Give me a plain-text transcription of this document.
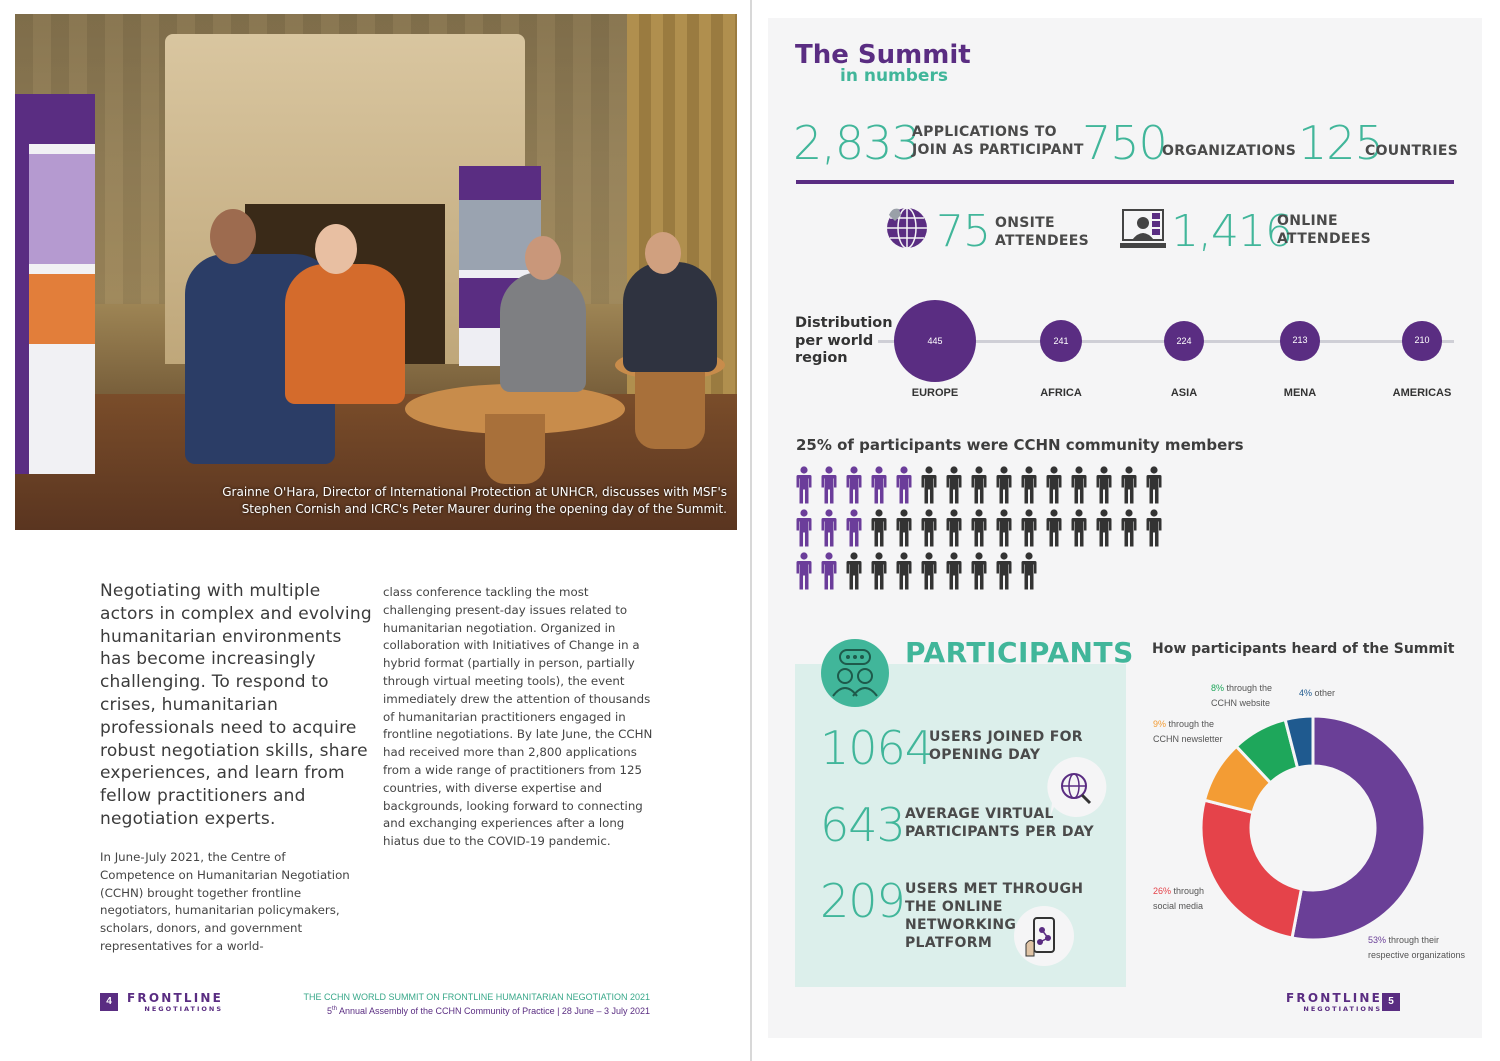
Grainne O'Hara, Director of International Protection at UNHCR, discusses with MSF's
Stephen Cornish and ICRC's Peter Maurer during the opening day of the Summit.
Negotiating with multiple actors in complex and evolving humanitarian environments has become increasingly challenging. To respond to crises, humanitarian professionals need to acquire robust negotiation skills, share experiences, and learn from fellow practitioners and negotiation experts.
In June-July 2021, the Centre of Competence on Humanitarian Negotiation (CCHN) brought together frontline negotiators, humanitarian policymakers, scholars, donors, and government representatives for a world-
class conference tackling the most challenging present-day issues related to humanitarian negotiation. Organized in collaboration with Initiatives of Change in a hybrid format (partially in person, partially through virtual meeting tools), the event immediately drew the attention of thousands of humanitarian practitioners engaged in frontline negotiations. By late June, the CCHN had received more than 2,800 applications from a wide range of practitioners from 125 countries, with diverse expertise and backgrounds, looking forward to connecting and exchanging experiences after a long hiatus due to the COVID-19 pandemic.
4	FRONTLINE
NEGOTIATIONS
THE CCHN WORLD SUMMIT ON FRONTLINE HUMANITARIAN NEGOTIATION 2021
5th Annual Assembly of the CCHN Community of Practice | 28 June – 3 July 2021
The Summit
in numbers
2,833
APPLICATIONS TO
JOIN AS PARTICIPANT
750
ORGANIZATIONS 125
COUNTRIES
75 ONSITE
ATTENDEES 1,416
ONLINE
ATTENDEES
Distribution
per world
region
25% of participants were CCHN community members
PARTICIPANTS
1064
USERS JOINED FOR
OPENING DAY
643 AVERAGE VIRTUAL
PARTICIPANTS PER DAY
209 USERS MET THROUGH
THE ONLINE
NETWORKING
PLATFORM
How participants heard of the Summit
53% through their
respective organizations
26% through
social media
9% through the
CCHN newsletter
8% through the
CCHN website
4% other
FRONTLINE
NEGOTIATIONS
5
445
EUROPE
241
AFRICA
224
ASIA
213
MENA
210
AMERICAS
